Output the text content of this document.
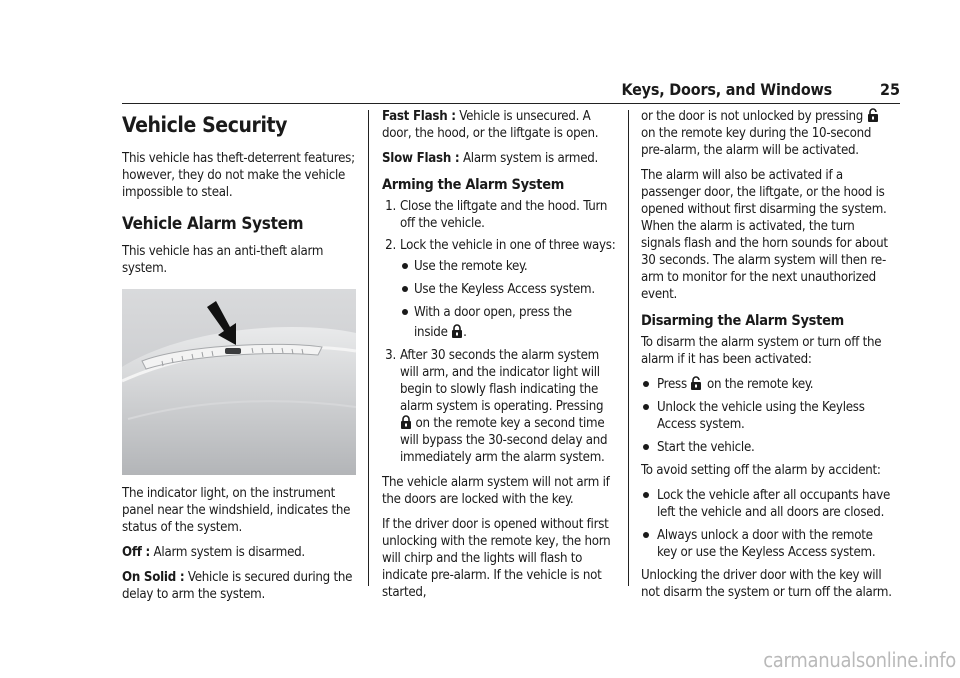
Keys, Doors, and Windows	25
Vehicle Security

This vehicle has theft-deterrent features; however, they do not make the vehicle impossible to steal.

Vehicle Alarm System

This vehicle has an anti-theft alarm system.

The indicator light, on the instrument panel near the windshield, indicates the status of the system.

Off : Alarm system is disarmed.

On Solid : Vehicle is secured during the delay to arm the system.

Fast Flash : Vehicle is unsecured. A door, the hood, or the liftgate is open.

Slow Flash : Alarm system is armed.

Arming the Alarm System
1. Close the liftgate and the hood. Turn off the vehicle.
2. Lock the vehicle in one of three ways:
Use the remote key.
Use the Keyless Access system.
With a door open, press the
inside .
3. After 30 seconds the alarm system will arm, and the indicator light will begin to slowly flash indicating the alarm system is operating. Pressing  on the remote key a second time will bypass the 30-second delay and immediately arm the alarm system.

The vehicle alarm system will not arm if the doors are locked with the key.

If the driver door is opened without first unlocking with the remote key, the horn will chirp and the lights will flash to indicate pre-alarm. If the vehicle is not started,

or the door is not unlocked by pressing  on the remote key during the 10-second pre-alarm, the alarm will be activated.

The alarm will also be activated if a passenger door, the liftgate, or the hood is opened without first disarming the system. When the alarm is activated, the turn signals flash and the horn sounds for about 30 seconds. The alarm system will then re-arm to monitor for the next unauthorized event.

Disarming the Alarm System

To disarm the alarm system or turn off the alarm if it has been activated:

Press on the remote key.
Unlock the vehicle using the Keyless Access system.
Start the vehicle.

To avoid setting off the alarm by accident:

Lock the vehicle after all occupants have left the vehicle and all doors are closed.
Always unlock a door with the remote key or use the Keyless Access system.

Unlocking the driver door with the key will not disarm the system or turn off the alarm.

carmanualsonline.info
